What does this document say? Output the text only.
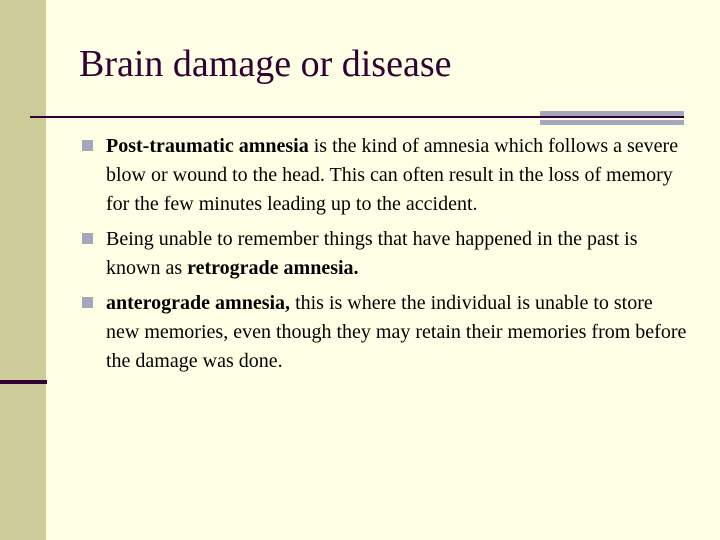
Brain damage or disease
Post-traumatic amnesia is the kind of amnesia which follows a severe blow or wound to the head. This can often result in the loss of memory for the few minutes leading up to the accident.
Being unable to remember things that have happened in the past is known as retrograde amnesia.
anterograde amnesia, this is where the individual is unable to store new memories, even though they may retain their memories from before the damage was done.
